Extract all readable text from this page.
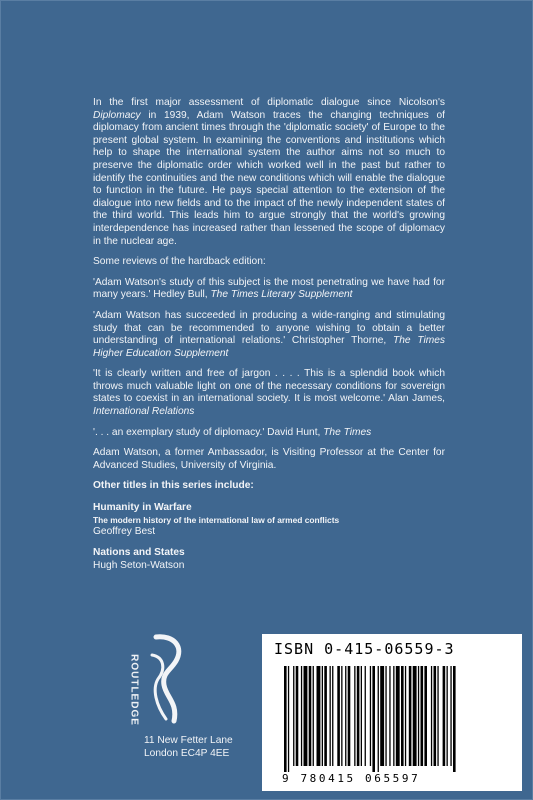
In the first major assessment of diplomatic dialogue since Nicolson's Diplomacy in 1939, Adam Watson traces the changing techniques of diplomacy from ancient times through the 'diplomatic society' of Europe to the present global system. In examining the conventions and institutions which help to shape the international system the author aims not so much to preserve the diplomatic order which worked well in the past but rather to identify the continuities and the new conditions which will enable the dialogue to function in the future. He pays special attention to the extension of the dialogue into new fields and to the impact of the newly independent states of the third world. This leads him to argue strongly that the world's growing interdependence has increased rather than lessened the scope of diplomacy in the nuclear age.

Some reviews of the hardback edition:

'Adam Watson's study of this subject is the most penetrating we have had for many years.' Hedley Bull, The Times Literary Supplement

'Adam Watson has succeeded in producing a wide-ranging and stimulating study that can be recommended to anyone wishing to obtain a better understanding of international relations.' Christopher Thorne, The Times Higher Education Supplement

'It is clearly written and free of jargon . . . . This is a splendid book which throws much valuable light on one of the necessary conditions for sovereign states to coexist in an international society. It is most welcome.' Alan James, International Relations

'. . . an exemplary study of diplomacy.' David Hunt, The Times

Adam Watson, a former Ambassador, is Visiting Professor at the Center for Advanced Studies, University of Virginia.

Other titles in this series include:

Humanity in Warfare
The modern history of the international law of armed conflicts
Geoffrey Best
Nations and States
Hugh Seton-Watson
ROUTLEDGE
11 New Fetter Lane
London EC4P 4EE
ISBN 0-415-06559-3
9 780415 065597
